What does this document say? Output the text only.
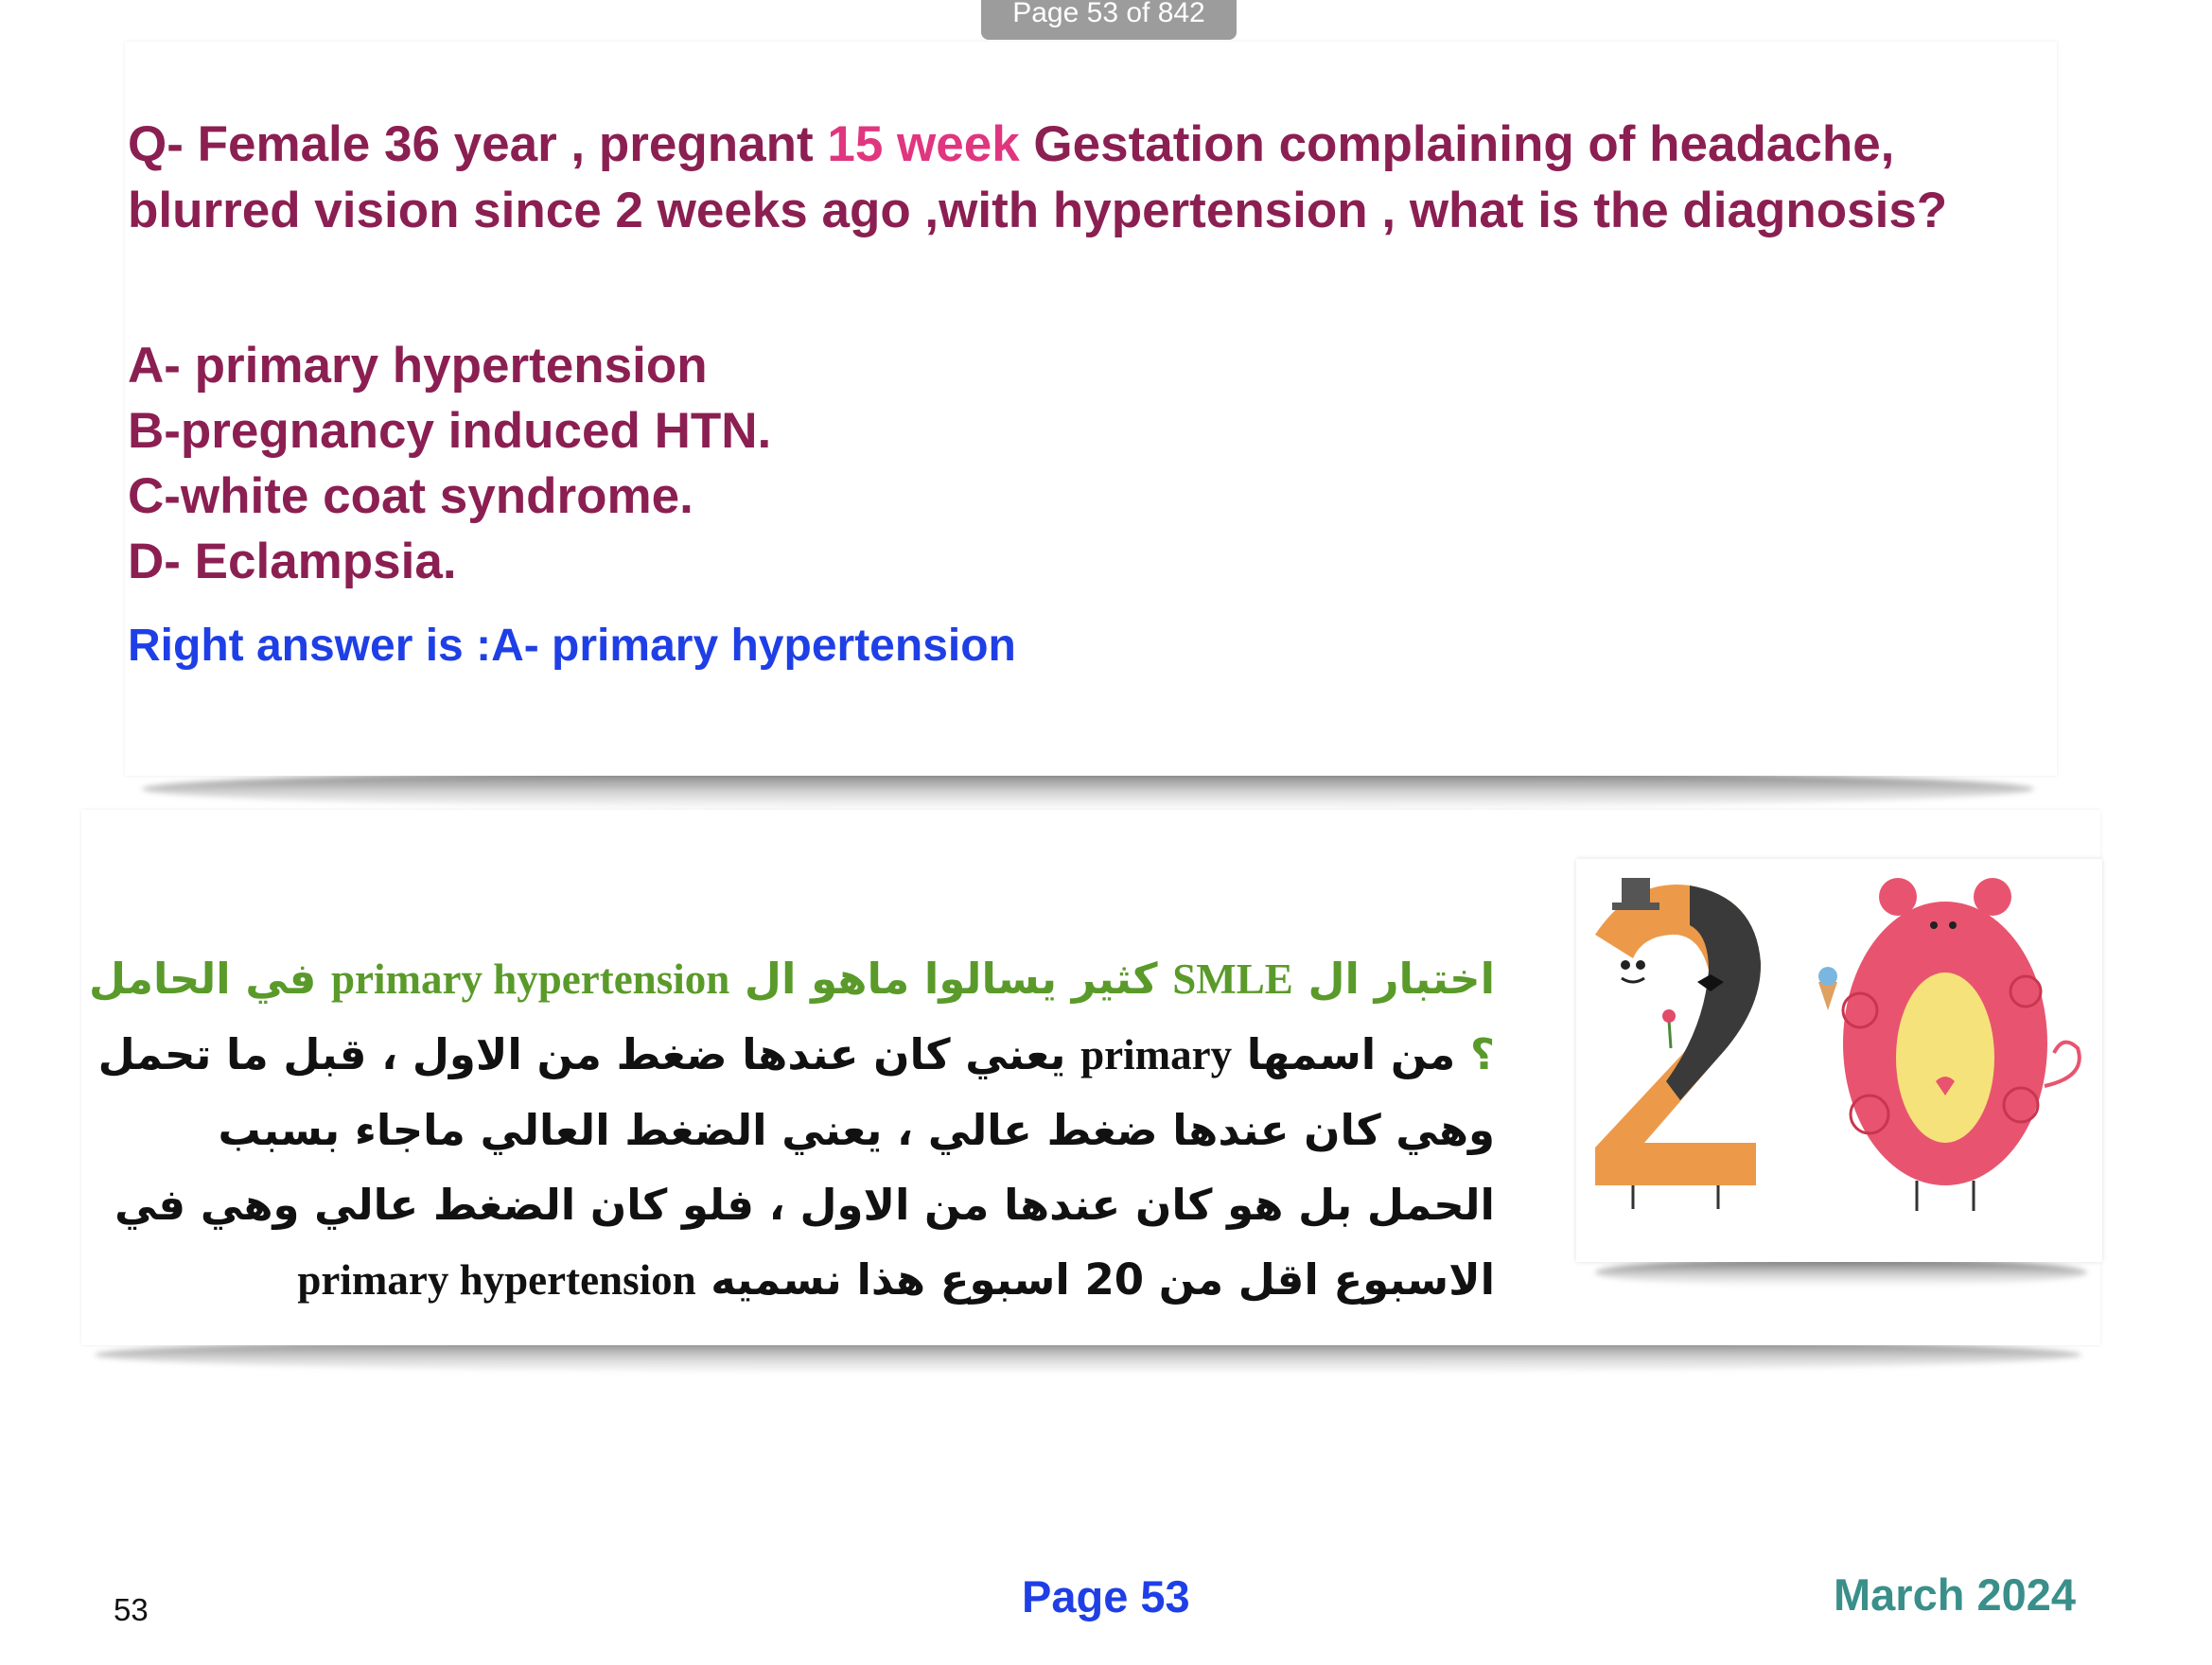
Page 53 of 842
Q- Female 36 year , pregnant 15 week Gestation complaining of headache, blurred vision since 2 weeks ago ,with hypertension , what is the diagnosis?
A- primary hypertension
B-pregnancy induced HTN.
C-white coat syndrome.
D- Eclampsia.
Right answer is :A- primary hypertension
اختبار ال SMLE كثير يسالوا ماهو ال primary hypertension في الحامل ؟ من اسمها primary يعني كان عندها ضغط من الاول ، قبل ما تحمل وهي كان عندها ضغط عالي ، يعني الضغط العالي ماجاء بسبب الحمل بل هو كان عندها من الاول ، فلو كان الضغط عالي وهي في الاسبوع اقل من 20 اسبوع هذا نسميه primary hypertension
53	Page 53	March 2024
